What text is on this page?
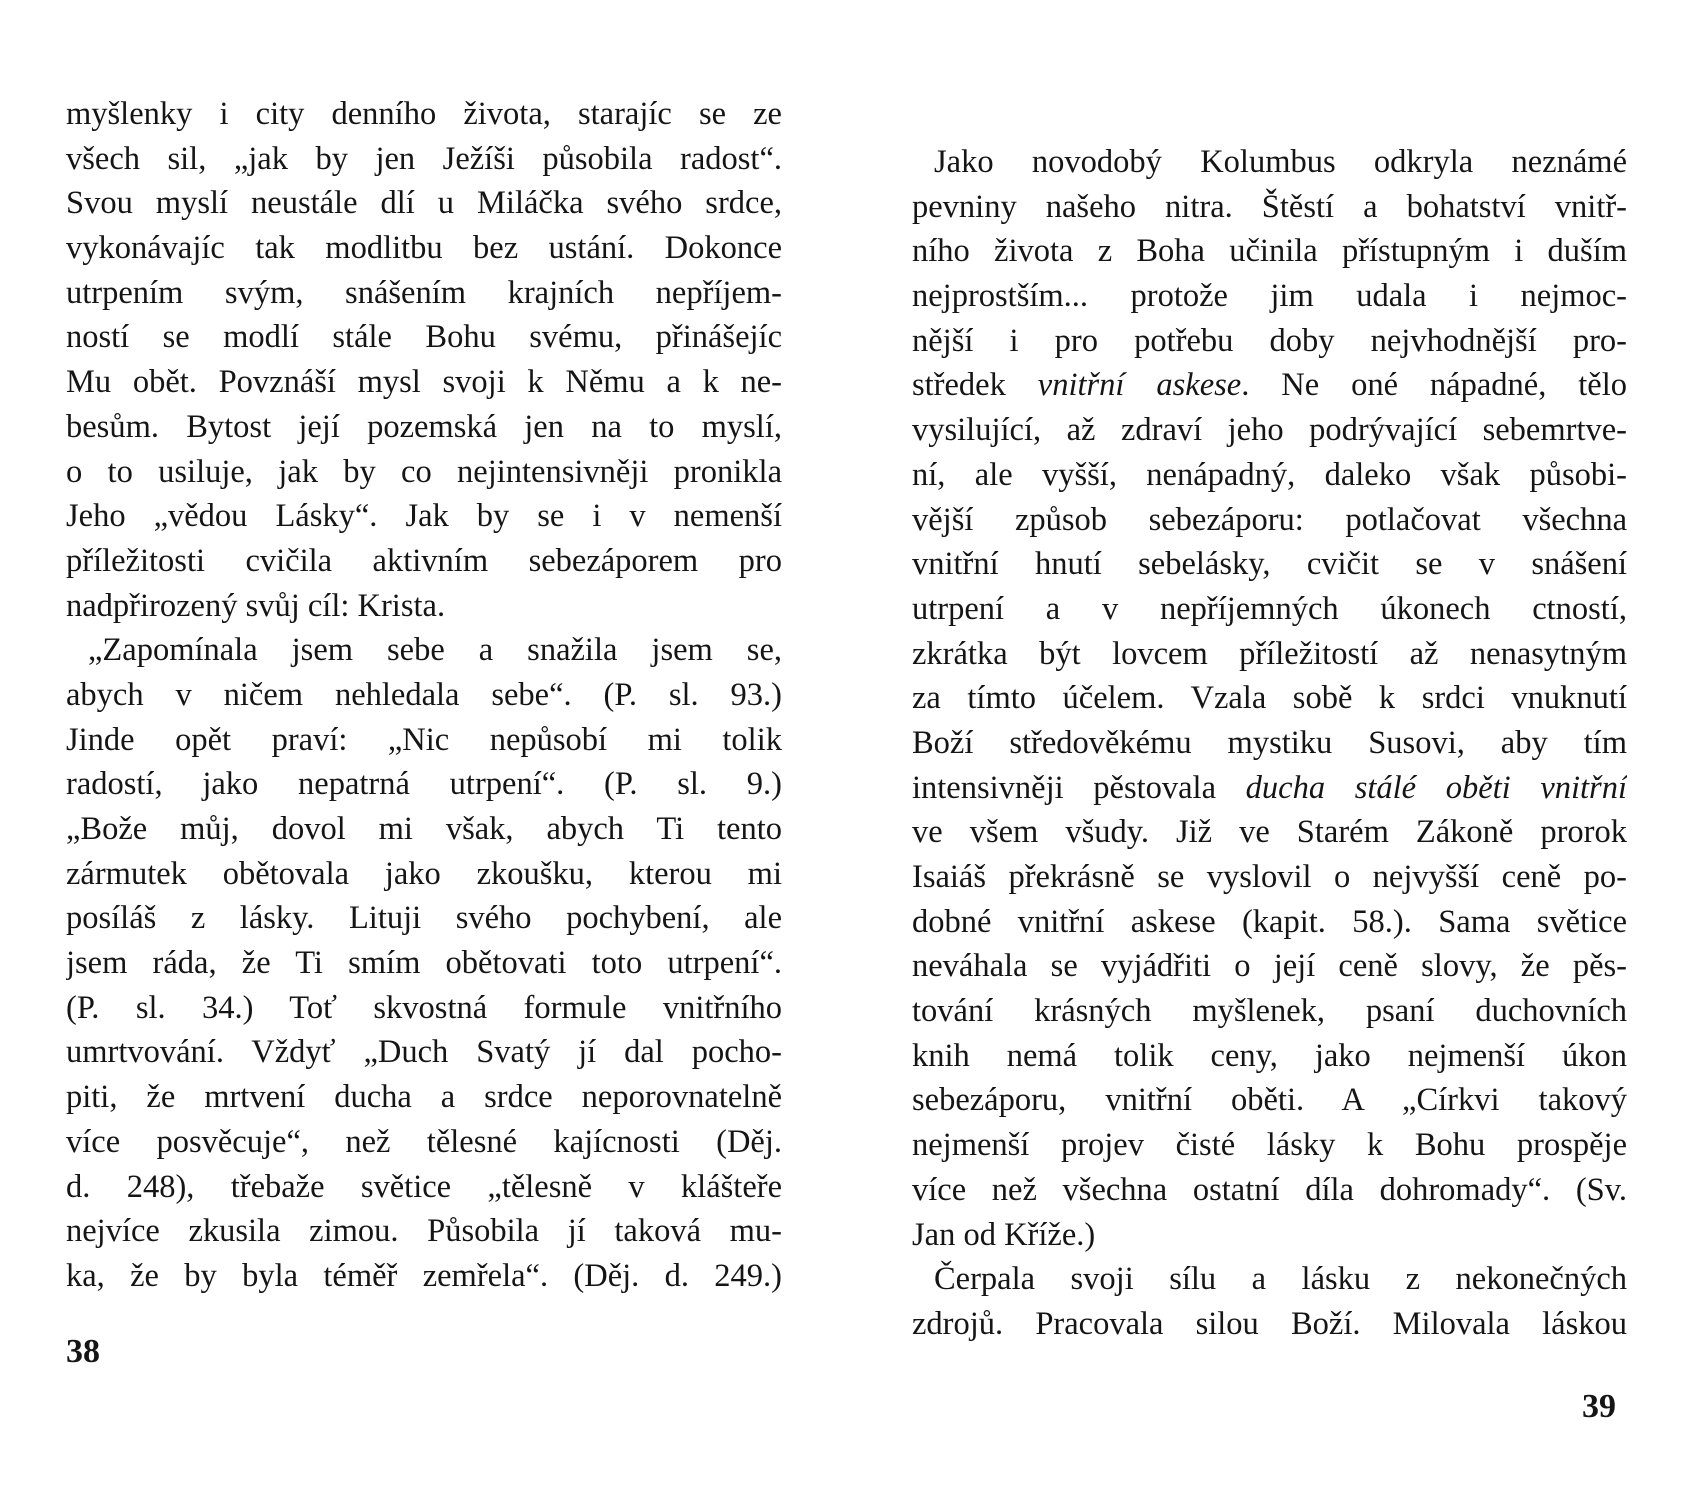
myšlenky i city denního života, starajíc se ze
všech sil, „jak by jen Ježíši působila radost“.
Svou myslí neustále dlí u Miláčka svého srdce,
vykonávajíc tak modlitbu bez ustání. Dokonce
utrpením svým, snášením krajních nepříjem-
ností se modlí stále Bohu svému, přinášejíc
Mu obět. Povznáší mysl svoji k Němu a k ne-
besům. Bytost její pozemská jen na to myslí,
o to usiluje, jak by co nejintensivněji pronikla
Jeho „vědou Lásky“. Jak by se i v nemenší
příležitosti cvičila aktivním sebezáporem pro
nadpřirozený svůj cíl: Krista.
„Zapomínala jsem sebe a snažila jsem se,
abych v ničem nehledala sebe“. (P. sl. 93.)
Jinde opět praví: „Nic nepůsobí mi tolik
radostí, jako nepatrná utrpení“. (P. sl. 9.)
„Bože můj, dovol mi však, abych Ti tento
zármutek obětovala jako zkoušku, kterou mi
posíláš z lásky. Lituji svého pochybení, ale
jsem ráda, že Ti smím obětovati toto utrpení“.
(P. sl. 34.) Toť skvostná formule vnitřního
umrtvování. Vždyť „Duch Svatý jí dal pocho-
piti, že mrtvení ducha a srdce neporovnatelně
více posvěcuje“, než tělesné kajícnosti (Děj.
d. 248), třebaže světice „tělesně v klášteře
nejvíce zkusila zimou. Působila jí taková mu-
ka, že by byla téměř zemřela“. (Děj. d. 249.)
38
Jako novodobý Kolumbus odkryla neznámé
pevniny našeho nitra. Štěstí a bohatství vnitř-
ního života z Boha učinila přístupným i duším
nejprostším... protože jim udala i nejmoc-
nější i pro potřebu doby nejvhodnější pro-
středek vnitřní askese. Ne oné nápadné, tělo
vysilující, až zdraví jeho podrývající sebemrtve-
ní, ale vyšší, nenápadný, daleko však působi-
vější způsob sebezáporu: potlačovat všechna
vnitřní hnutí sebelásky, cvičit se v snášení
utrpení a v nepříjemných úkonech ctností,
zkrátka být lovcem příležitostí až nenasytným
za tímto účelem. Vzala sobě k srdci vnuknutí
Boží středověkému mystiku Susovi, aby tím
intensivněji pěstovala ducha stálé oběti vnitřní
ve všem všudy. Již ve Starém Zákoně prorok
Isaiáš překrásně se vyslovil o nejvyšší ceně po-
dobné vnitřní askese (kapit. 58.). Sama světice
neváhala se vyjádřiti o její ceně slovy, že pěs-
tování krásných myšlenek, psaní duchovních
knih nemá tolik ceny, jako nejmenší úkon
sebezáporu, vnitřní oběti. A „Církvi takový
nejmenší projev čisté lásky k Bohu prospěje
více než všechna ostatní díla dohromady“. (Sv.
Jan od Kříže.)
Čerpala svoji sílu a lásku z nekonečných
zdrojů. Pracovala silou Boží. Milovala láskou
39
